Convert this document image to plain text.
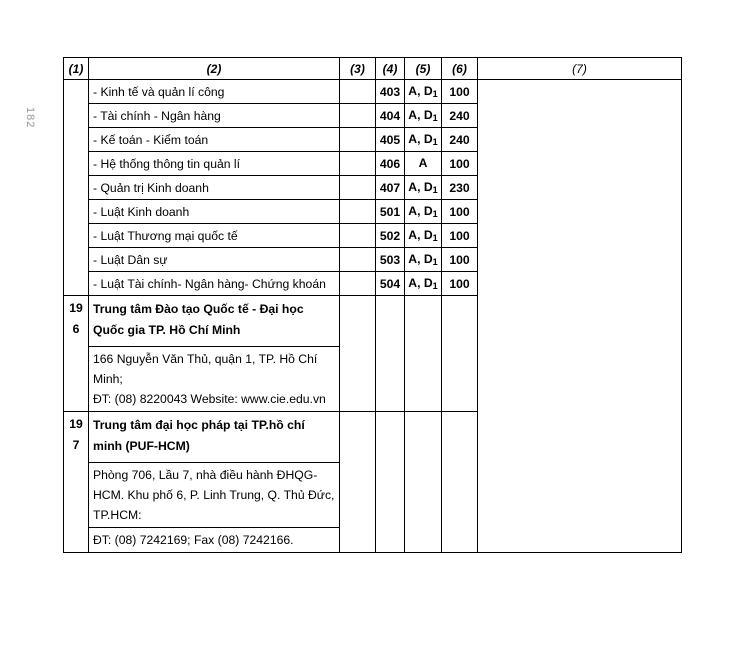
182
(1)	(2)	(3)	(4)	(5)	(6)	(7)
	- Kinh tế và quản lí công		403	A, $D_1$	100	
	- Tài chính - Ngân hàng		404	A, $D_1$	240	
	- Kế toán - Kiểm toán		405	A, $D_1$	240	
	- Hệ thống thông tin quản lí		406	A	100	
	- Quản trị Kinh doanh		407	A, $D_1$	230	
	- Luật Kinh doanh		501	A, $D_1$	100	
	- Luật Thương mại quốc tế		502	A, $D_1$	100	
	- Luật Dân sự		503	A, $D_1$	100	
	- Luật Tài chính- Ngân hàng- Chứng khoán		504	A, $D_1$	100	

19
6	Trung tâm Đào tạo Quốc tế - Đại học Quốc gia TP. Hồ Chí Minh					

	166 Nguyễn Văn Thủ, quận 1, TP. Hồ Chí Minh;
ĐT: (08) 8220043 Website: www.cie.edu.vn					

19
7	Trung tâm đại học pháp tại TP.hồ chí minh (PUF-HCM)					
	Phòng 706, Lầu 7, nhà điều hành ĐHQG-HCM. Khu phố 6, P. Linh Trung, Q. Thủ Đức, TP.HCM:					
	ĐT: (08) 7242169; Fax (08) 7242166.					
